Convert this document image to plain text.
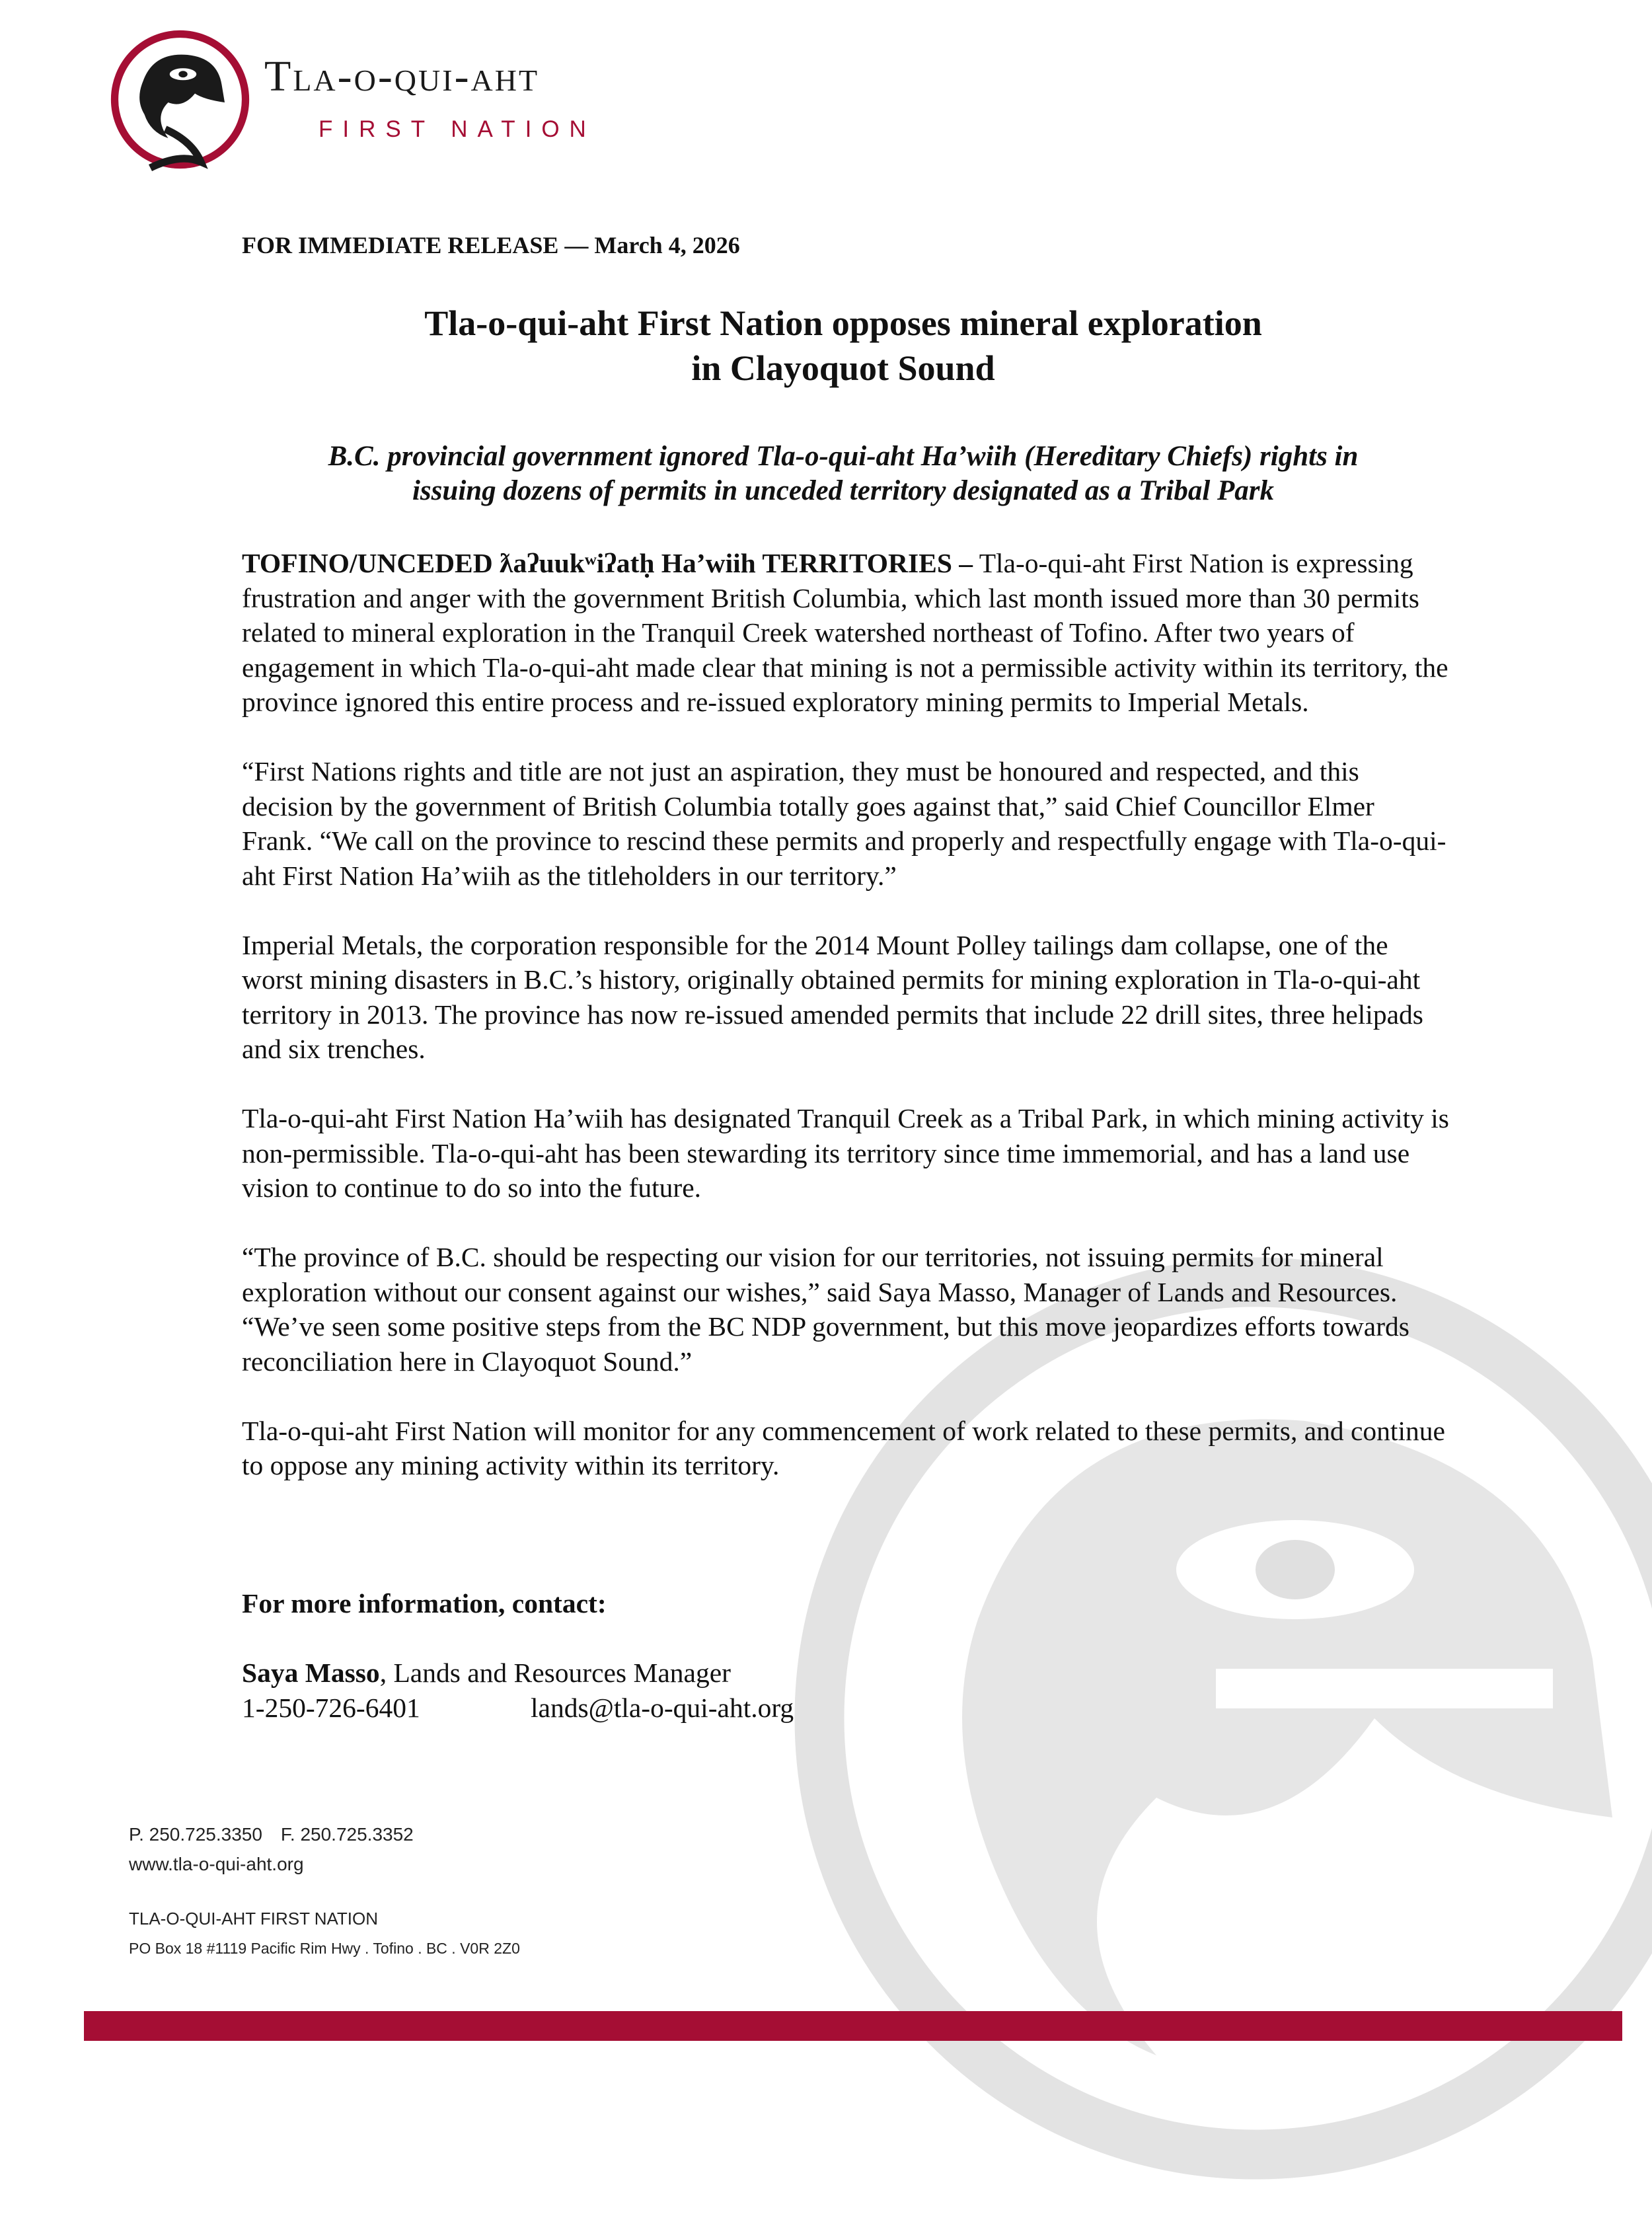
Tla-o-qui-aht
FIRST NATION
FOR IMMEDIATE RELEASE — March 4, 2026
Tla-o-qui-aht First Nation opposes mineral exploration
in Clayoquot Sound
B.C. provincial government ignored Tla-o-qui-aht Ha’wiih (Hereditary Chiefs) rights in
issuing dozens of permits in unceded territory designated as a Tribal Park

TOFINO/UNCEDED ƛaʔuukʷiʔatḥ Ha’wiih TERRITORIES – Tla-o-qui-aht First Nation is expressing frustration and anger with the government British Columbia, which last month issued more than 30 permits related to mineral exploration in the Tranquil Creek watershed northeast of Tofino. After two years of engagement in which Tla-o-qui-aht made clear that mining is not a permissible activity within its territory, the province ignored this entire process and re-issued exploratory mining permits to Imperial Metals.

“First Nations rights and title are not just an aspiration, they must be honoured and respected, and this decision by the government of British Columbia totally goes against that,” said Chief Councillor Elmer Frank. “We call on the province to rescind these permits and properly and respectfully engage with Tla-o-qui-aht First Nation Ha’wiih as the titleholders in our territory.”

Imperial Metals, the corporation responsible for the 2014 Mount Polley tailings dam collapse, one of the worst mining disasters in B.C.’s history, originally obtained permits for mining exploration in Tla-o-qui-aht territory in 2013. The province has now re-issued amended permits that include 22 drill sites, three helipads and six trenches.

Tla-o-qui-aht First Nation Ha’wiih has designated Tranquil Creek as a Tribal Park, in which mining activity is non-permissible. Tla-o-qui-aht has been stewarding its territory since time immemorial, and has a land use vision to continue to do so into the future.

“The province of B.C. should be respecting our vision for our territories, not issuing permits for mineral exploration without our consent against our wishes,” said Saya Masso, Manager of Lands and Resources. “We’ve seen some positive steps from the BC NDP government, but this move jeopardizes efforts towards reconciliation here in Clayoquot Sound.”

Tla-o-qui-aht First Nation will monitor for any commencement of work related to these permits, and continue to oppose any mining activity within its territory.

For more information, contact:
Saya Masso, Lands and Resources Manager
1-250-726-6401	lands@tla-o-qui-aht.org
P. 250.725.3350 F. 250.725.3352
www.tla-o-qui-aht.org
TLA-O-QUI-AHT FIRST NATION
PO Box 18 #1119 Pacific Rim Hwy . Tofino . BC . V0R 2Z0
